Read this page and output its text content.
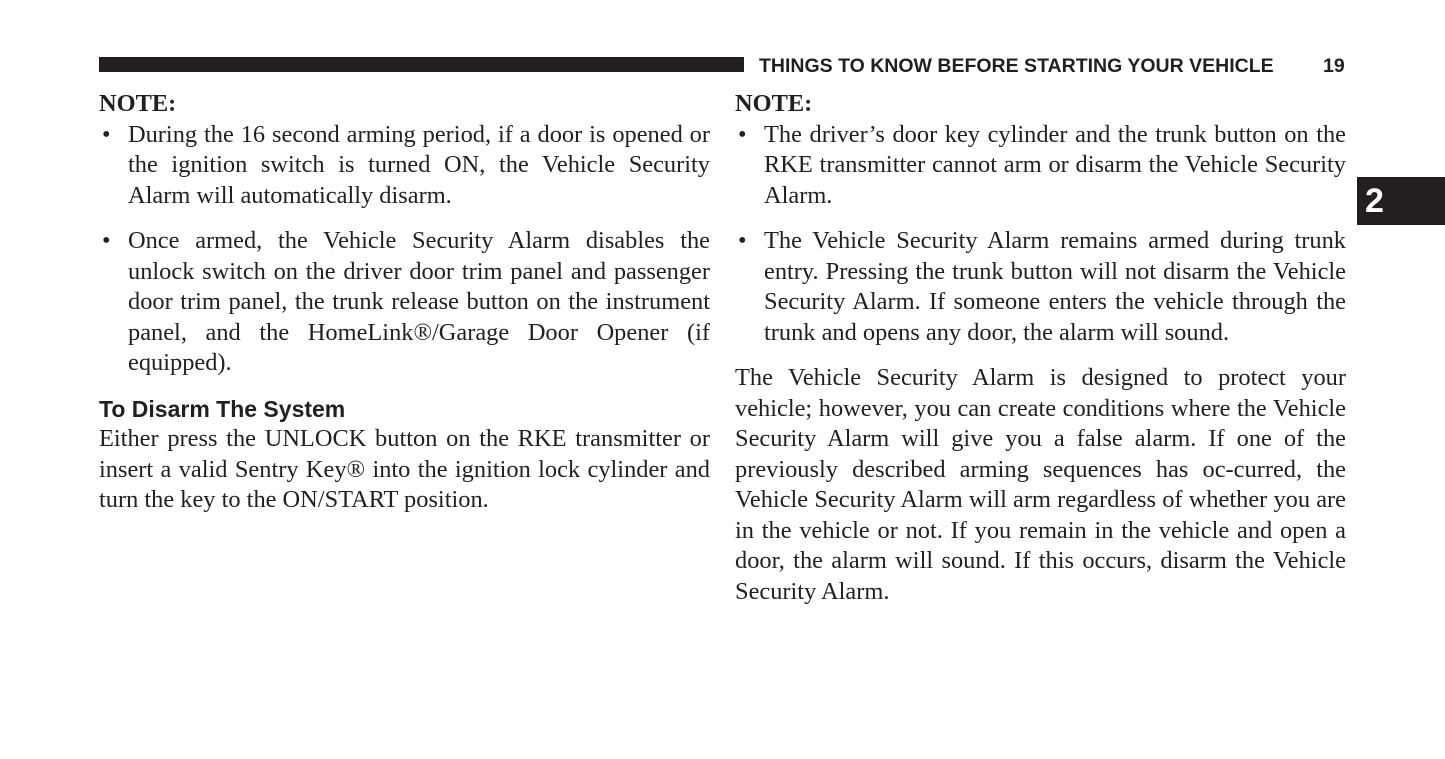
THINGS TO KNOW BEFORE STARTING YOUR VEHICLE	19
2

NOTE:

• During the 16 second arming period, if a door is opened or the ignition switch is turned ON, the Vehicle Security Alarm will automatically disarm.
• Once armed, the Vehicle Security Alarm disables the unlock switch on the driver door trim panel and passenger door trim panel, the trunk release button on the instrument panel, and the HomeLink®/Garage Door Opener (if equipped).
To Disarm The System

Either press the UNLOCK button on the RKE transmitter or insert a valid Sentry Key® into the ignition lock cylinder and turn the key to the ON/START position.

NOTE:

• The driver’s door key cylinder and the trunk button on the RKE transmitter cannot arm or disarm the Vehicle Security Alarm.
• The Vehicle Security Alarm remains armed during trunk entry. Pressing the trunk button will not disarm the Vehicle Security Alarm. If someone enters the vehicle through the trunk and opens any door, the alarm will sound.

The Vehicle Security Alarm is designed to protect your vehicle; however, you can create conditions where the Vehicle Security Alarm will give you a false alarm. If one of the previously described arming sequences has oc-curred, the Vehicle Security Alarm will arm regardless of whether you are in the vehicle or not. If you remain in the vehicle and open a door, the alarm will sound. If this occurs, disarm the Vehicle Security Alarm.
